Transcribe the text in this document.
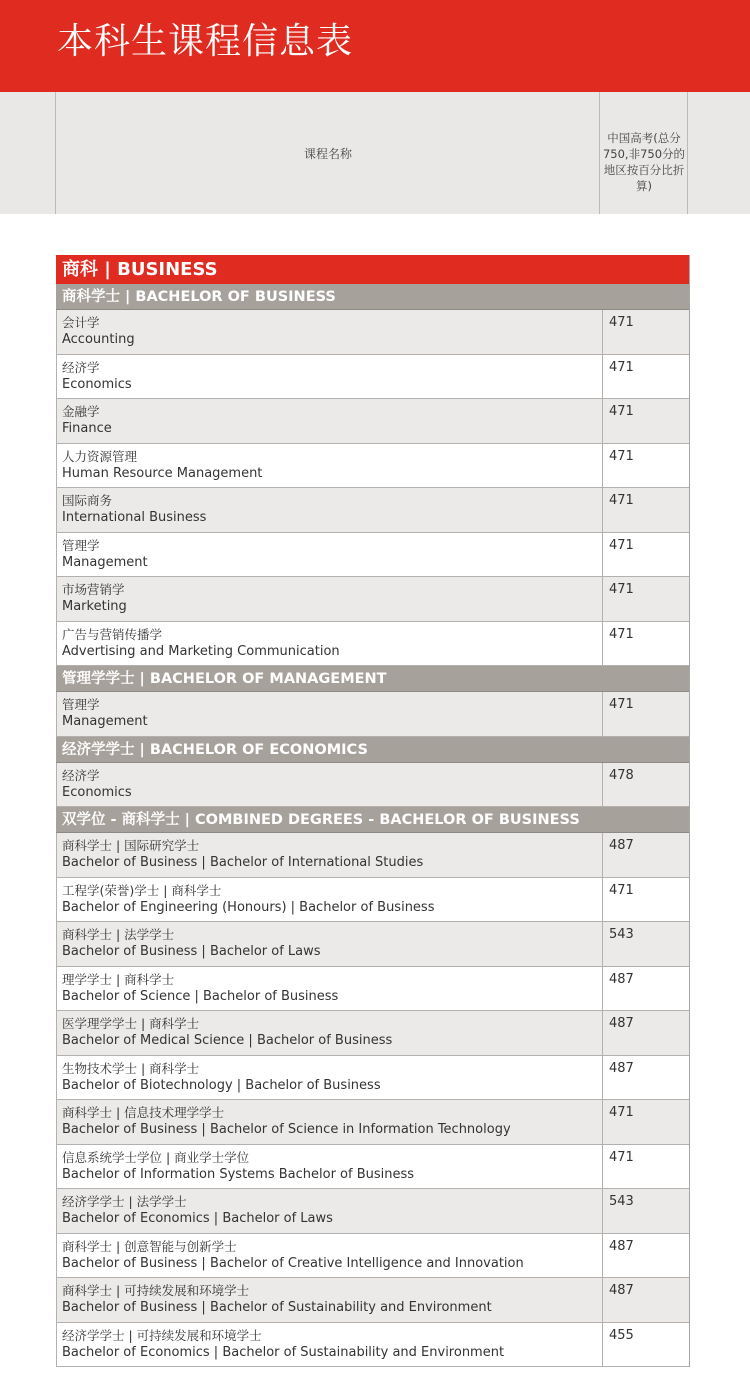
本科生课程信息表
课程名称
中国高考(总分750,非750分的地区按百分比折算)
商科 | BUSINESS
商科学士 | BACHELOR OF BUSINESS
会计学
Accounting
471
经济学
Economics
471
金融学
Finance
471
人力资源管理
Human Resource Management
471
国际商务
International Business
471
管理学
Management
471
市场营销学
Marketing
471
广告与营销传播学
Advertising and Marketing Communication
471
管理学学士 | BACHELOR OF MANAGEMENT
管理学
Management
471
经济学学士 | BACHELOR OF ECONOMICS
经济学
Economics
478
双学位 - 商科学士 | COMBINED DEGREES - BACHELOR OF BUSINESS
商科学士 | 国际研究学士
Bachelor of Business | Bachelor of International Studies
487
工程学(荣誉)学士 | 商科学士
Bachelor of Engineering (Honours) | Bachelor of Business
471
商科学士 | 法学学士
Bachelor of Business | Bachelor of Laws
543
理学学士 | 商科学士
Bachelor of Science | Bachelor of Business
487
医学理学学士 | 商科学士
Bachelor of Medical Science | Bachelor of Business
487
生物技术学士 | 商科学士
Bachelor of Biotechnology | Bachelor of Business
487
商科学士 | 信息技术理学学士
Bachelor of Business | Bachelor of Science in Information Technology
471
信息系统学士学位 | 商业学士学位
Bachelor of Information Systems Bachelor of Business
471
经济学学士 | 法学学士
Bachelor of Economics | Bachelor of Laws
543
商科学士 | 创意智能与创新学士
Bachelor of Business | Bachelor of Creative Intelligence and Innovation
487
商科学士 | 可持续发展和环境学士
Bachelor of Business | Bachelor of Sustainability and Environment
487
经济学学士 | 可持续发展和环境学士
Bachelor of Economics | Bachelor of Sustainability and Environment
455
